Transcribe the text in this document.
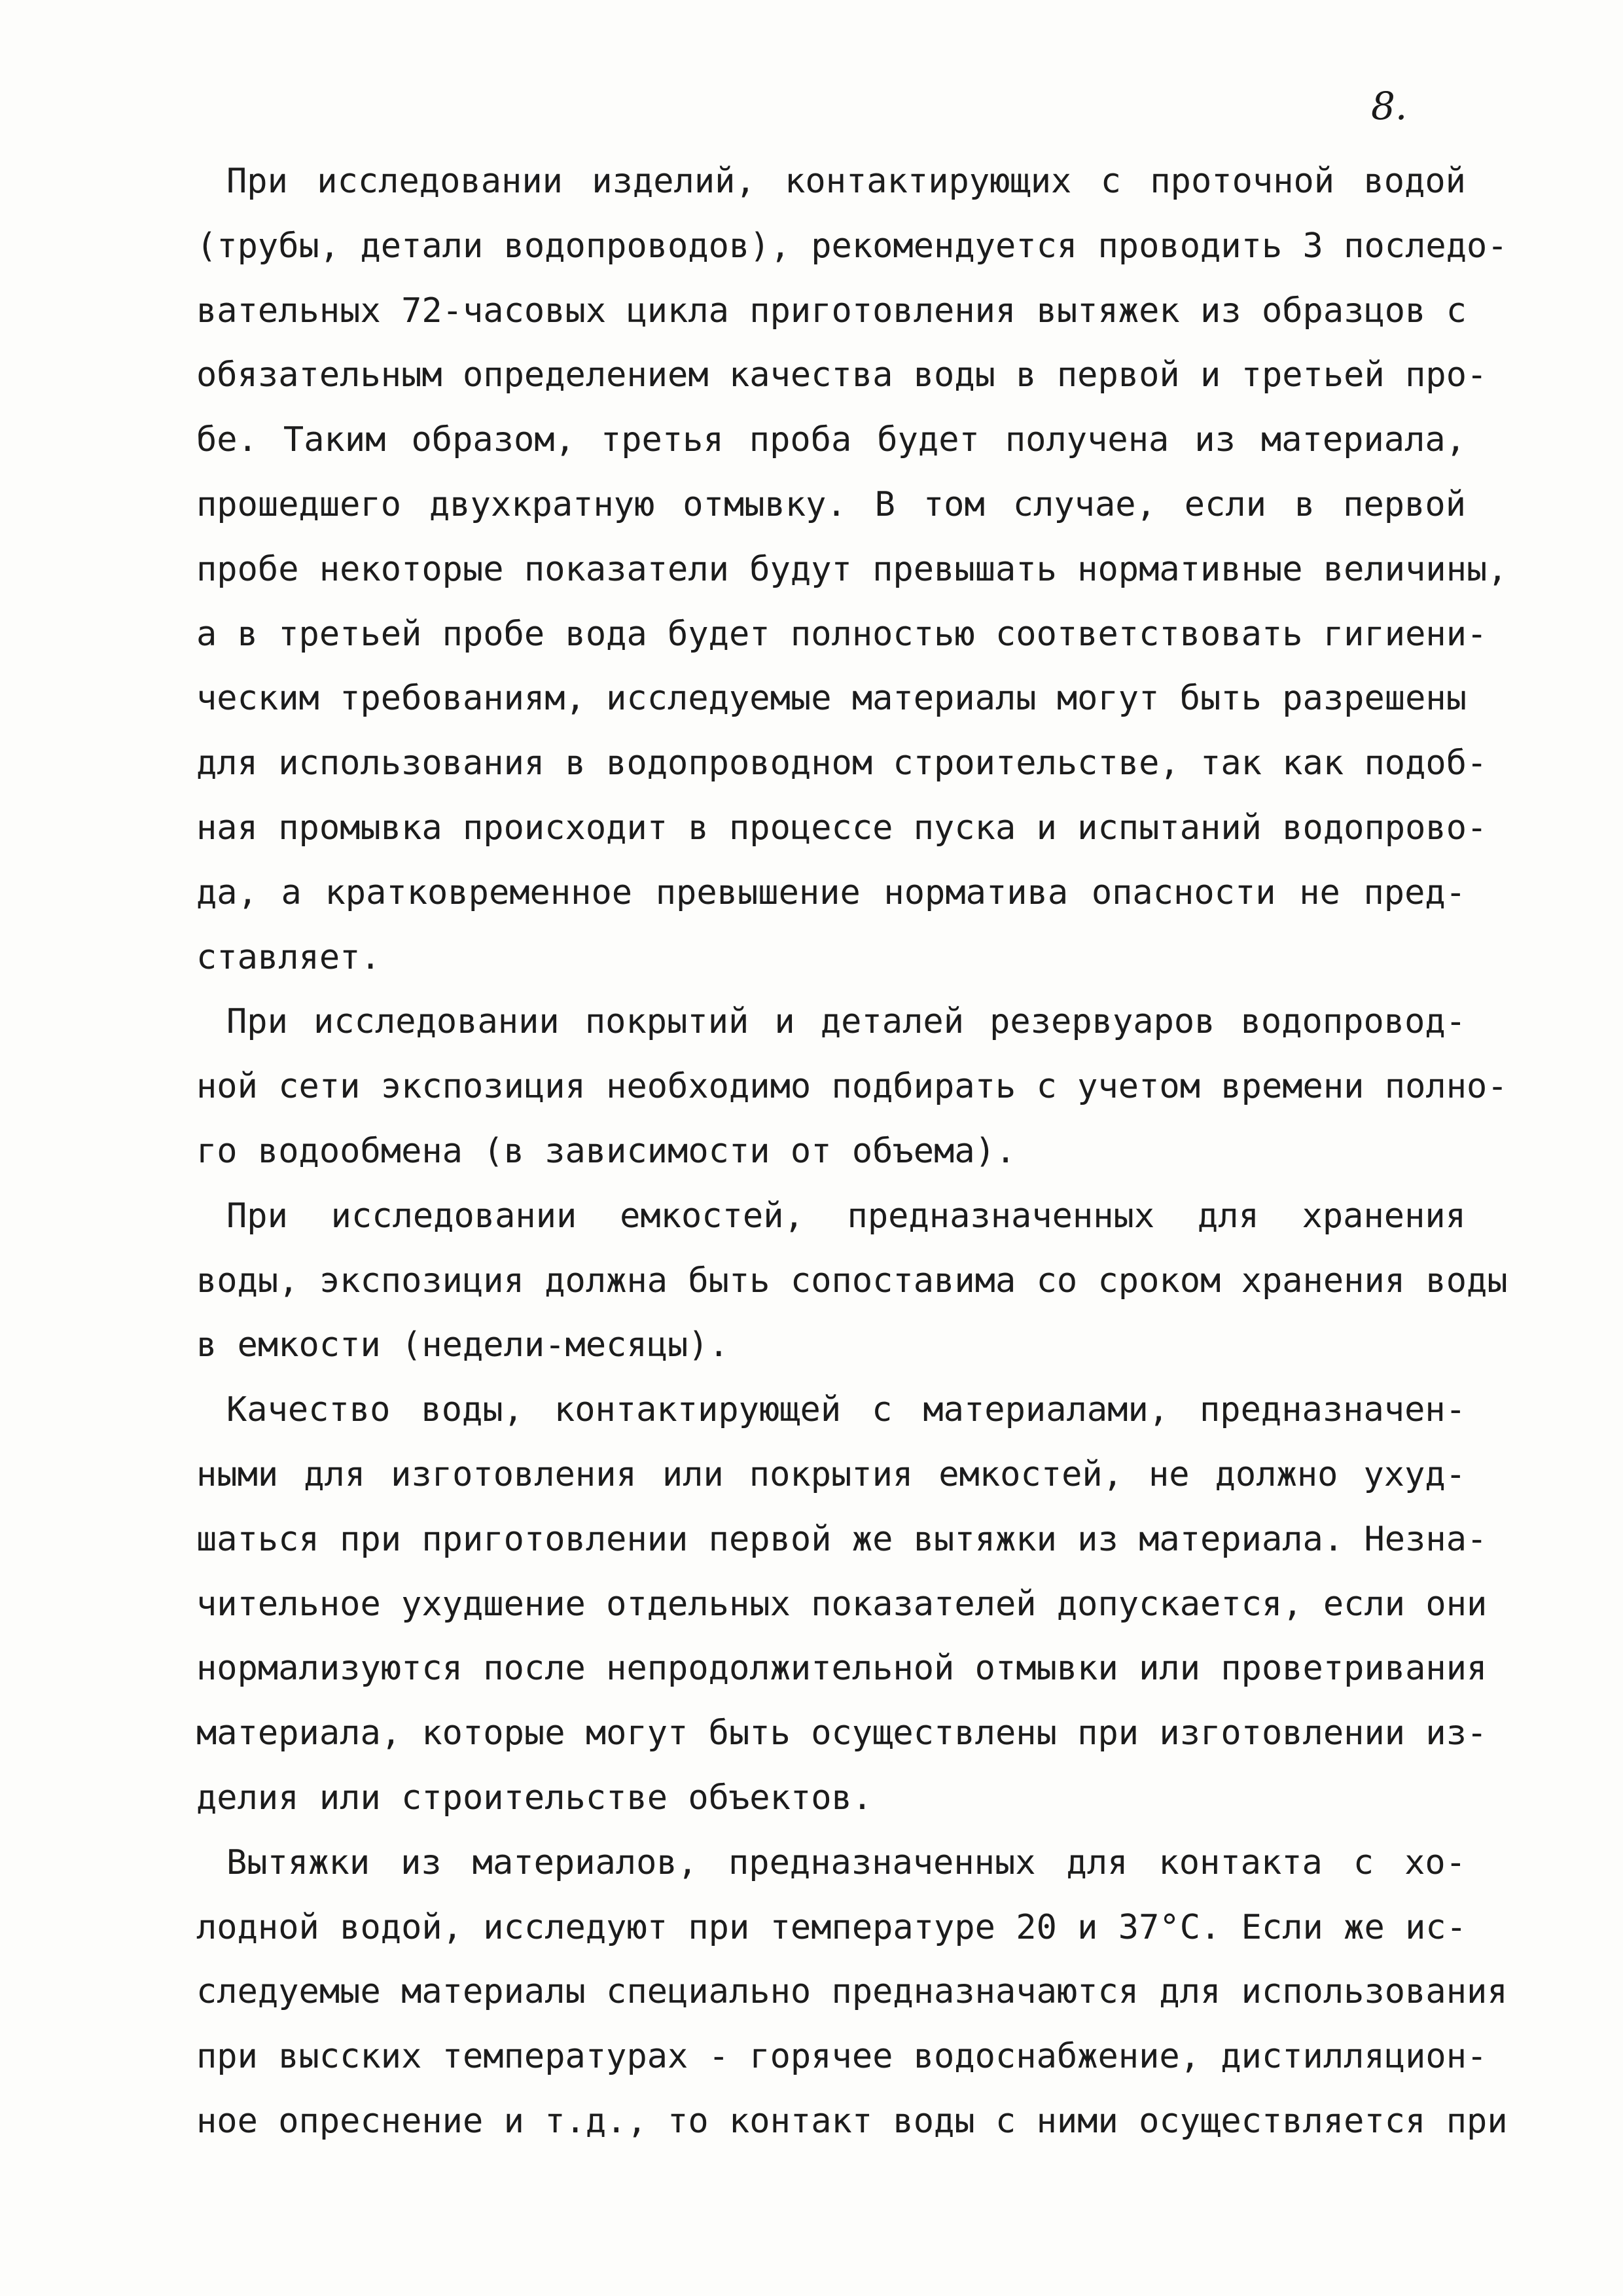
8.
При исследовании изделий, контактирующих с проточной водой
(трубы, детали водопроводов), рекомендуется проводить 3 последо-
вательных 72-часовых цикла приготовления вытяжек из образцов с
обязательным определением качества воды в первой и третьей про-
бе. Таким образом, третья проба будет получена из материала,
прошедшего двухкратную отмывку. В том случае, если в первой
пробе некоторые показатели будут превышать нормативные величины,
а в третьей пробе вода будет полностью соответствовать гигиени-
ческим требованиям, исследуемые материалы могут быть разрешены
для использования в водопроводном строительстве, так как подоб-
ная промывка происходит в процессе пуска и испытаний водопрово-
да, а кратковременное превышение норматива опасности не пред-
ставляет.
При исследовании покрытий и деталей резервуаров водопровод-
ной сети экспозиция необходимо подбирать с учетом времени полно-
го водообмена (в зависимости от объема).
При исследовании емкостей, предназначенных для хранения
воды, экспозиция должна быть сопоставима со сроком хранения воды
в емкости (недели-месяцы).
Качество воды, контактирующей с материалами, предназначен-
ными для изготовления или покрытия емкостей, не должно ухуд-
шаться при приготовлении первой же вытяжки из материала. Незна-
чительное ухудшение отдельных показателей допускается, если они
нормализуются после непродолжительной отмывки или проветривания
материала, которые могут быть осуществлены при изготовлении из-
делия или строительстве объектов.
Вытяжки из материалов, предназначенных для контакта с хо-
лодной водой, исследуют при температуре 20 и 37°С. Если же ис-
следуемые материалы специально предназначаются для использования
при высских температурах - горячее водоснабжение, дистилляцион-
ное опреснение и т.д., то контакт воды с ними осуществляется при
